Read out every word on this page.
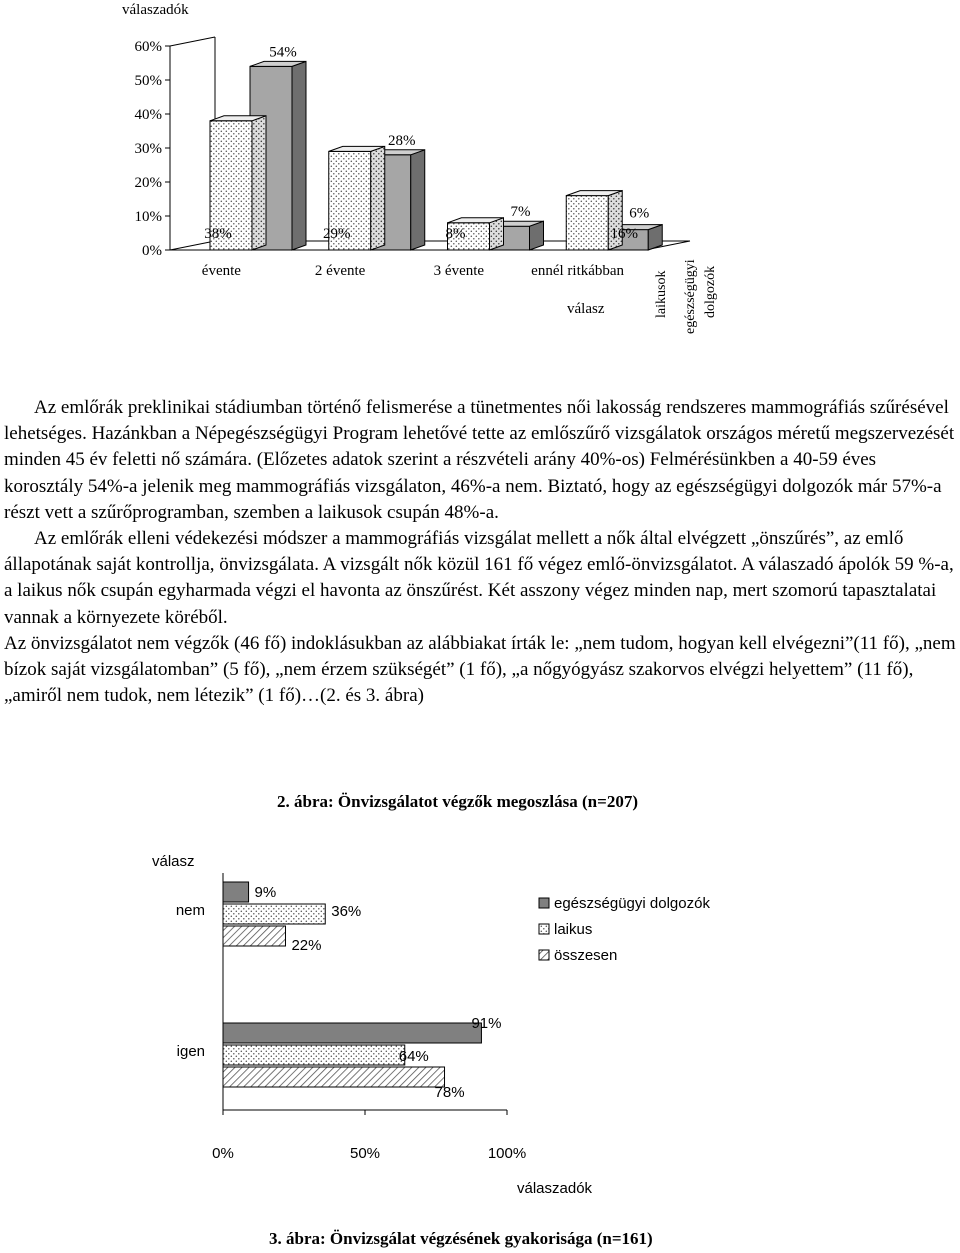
válaszadók
0%
10%
20%
30%
40%
50%
60%
évente	2 évente	3 évente	ennél ritkábban
54%
28%
7%	6%
38%	29%	8%	16%
válasz	laikusok egészségügyi dolgozók

Az emlőrák preklinikai stádiumban történő felismerése a tünetmentes női lakosság rendszeres mammográfiás szűrésével lehetséges. Hazánkban a Népegészségügyi Program lehetővé tette az emlőszűrő vizsgálatok országos méretű megszervezését minden 45 év feletti nő számára. (Előzetes adatok szerint a részvételi arány 40%-os) Felmérésünkben a 40-59 éves korosztály 54%-a jelenik meg mammográfiás vizsgálaton, 46%-a nem. Biztató, hogy az egészségügyi dolgozók már 57%-a részt vett a szűrőprogramban, szemben a laikusok csupán 48%-a.

Az emlőrák elleni védekezési módszer a mammográfiás vizsgálat mellett a nők által elvégzett „önszűrés”, az emlő állapotának saját kontrollja, önvizsgálata. A vizsgált nők közül 161 fő végez emlő-önvizsgálatot. A válaszadó ápolók 59 %-a, a laikus nők csupán egyharmada végzi el havonta az önszűrést. Két asszony végez minden nap, mert szomorú tapasztalatai vannak a környezete köréből.

Az önvizsgálatot nem végzők (46 fő) indoklásukban az alábbiakat írták le: „nem tudom, hogyan kell elvégezni”(11 fő), „nem bízok saját vizsgálatomban” (5 fő), „nem érzem szükségét” (1 fő), „a nőgyógyász szakorvos elvégzi helyettem” (11 fő), „amiről nem tudok, nem létezik” (1 fő)…(2. és 3. ábra)

2. ábra: Önvizsgálatot végzők megoszlása (n=207)
válasz
0%	50%	100%
nem
9%
36%
22%
igen
91%
64%
78%
egészségügyi dolgozók
laikus
összesen
válaszadók
3. ábra: Önvizsgálat végzésének gyakorisága (n=161)
